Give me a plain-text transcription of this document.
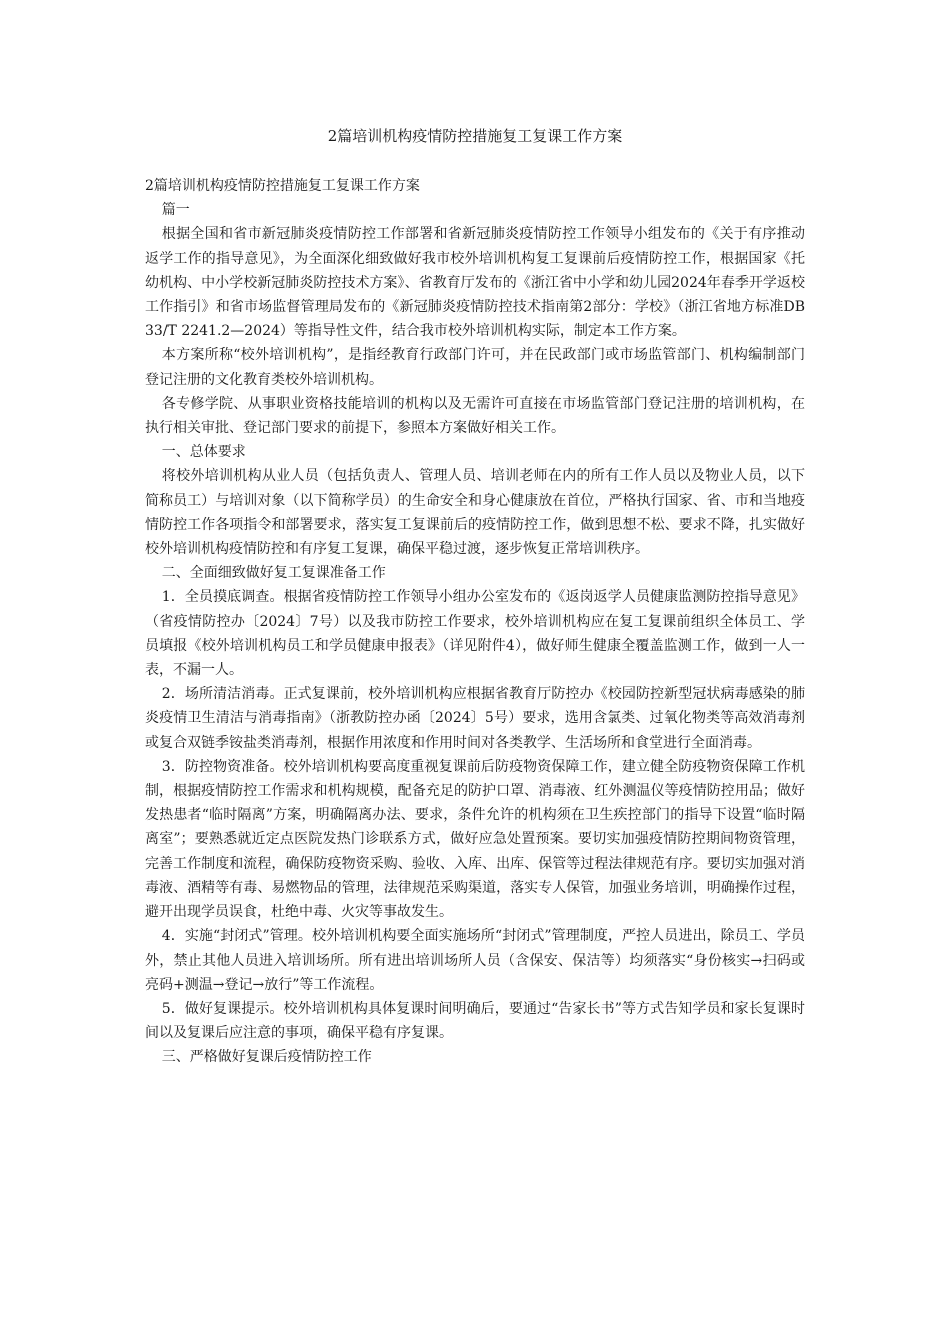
2篇培训机构疫情防控措施复工复课工作方案

2篇培训机构疫情防控措施复工复课工作方案

篇一

根据全国和省市新冠肺炎疫情防控工作部署和省新冠肺炎疫情防控工作领导小组发布的《关于有序推动返学工作的指导意见》，为全面深化细致做好我市校外培训机构复工复课前后疫情防控工作，根据国家《托幼机构、中小学校新冠肺炎防控技术方案》、省教育厅发布的《浙江省中小学和幼儿园2024年春季开学返校工作指引》和省市场监督管理局发布的《新冠肺炎疫情防控技术指南第2部分：学校》（浙江省地方标准DB33/T 2241.2—2024）等指导性文件，结合我市校外培训机构实际，制定本工作方案。

本方案所称“校外培训机构”，是指经教育行政部门许可，并在民政部门或市场监管部门、机构编制部门登记注册的文化教育类校外培训机构。

各专修学院、从事职业资格技能培训的机构以及无需许可直接在市场监管部门登记注册的培训机构，在执行相关审批、登记部门要求的前提下，参照本方案做好相关工作。

一、总体要求

将校外培训机构从业人员（包括负责人、管理人员、培训老师在内的所有工作人员以及物业人员，以下简称员工）与培训对象（以下简称学员）的生命安全和身心健康放在首位，严格执行国家、省、市和当地疫情防控工作各项指令和部署要求，落实复工复课前后的疫情防控工作，做到思想不松、要求不降，扎实做好校外培训机构疫情防控和有序复工复课，确保平稳过渡，逐步恢复正常培训秩序。

二、全面细致做好复工复课准备工作

1．全员摸底调查。根据省疫情防控工作领导小组办公室发布的《返岗返学人员健康监测防控指导意见》（省疫情防控办〔2024〕7号）以及我市防控工作要求，校外培训机构应在复工复课前组织全体员工、学员填报《校外培训机构员工和学员健康申报表》（详见附件4），做好师生健康全覆盖监测工作，做到一人一表，不漏一人。

2．场所清洁消毒。正式复课前，校外培训机构应根据省教育厅防控办《校园防控新型冠状病毒感染的肺炎疫情卫生清洁与消毒指南》（浙教防控办函〔2024〕5号）要求，选用含氯类、过氧化物类等高效消毒剂或复合双链季铵盐类消毒剂，根据作用浓度和作用时间对各类教学、生活场所和食堂进行全面消毒。

3．防控物资准备。校外培训机构要高度重视复课前后防疫物资保障工作，建立健全防疫物资保障工作机制，根据疫情防控工作需求和机构规模，配备充足的防护口罩、消毒液、红外测温仪等疫情防控用品；做好发热患者“临时隔离”方案，明确隔离办法、要求，条件允许的机构须在卫生疾控部门的指导下设置“临时隔离室”；要熟悉就近定点医院发热门诊联系方式，做好应急处置预案。要切实加强疫情防控期间物资管理，完善工作制度和流程，确保防疫物资采购、验收、入库、出库、保管等过程法律规范有序。要切实加强对消毒液、酒精等有毒、易燃物品的管理，法律规范采购渠道，落实专人保管，加强业务培训，明确操作过程，避开出现学员误食，杜绝中毒、火灾等事故发生。

4．实施“封闭式”管理。校外培训机构要全面实施场所“封闭式”管理制度，严控人员进出，除员工、学员外，禁止其他人员进入培训场所。所有进出培训场所人员（含保安、保洁等）均须落实“身份核实→扫码或亮码+测温→登记→放行”等工作流程。

5．做好复课提示。校外培训机构具体复课时间明确后，要通过“告家长书”等方式告知学员和家长复课时间以及复课后应注意的事项，确保平稳有序复课。

三、严格做好复课后疫情防控工作
